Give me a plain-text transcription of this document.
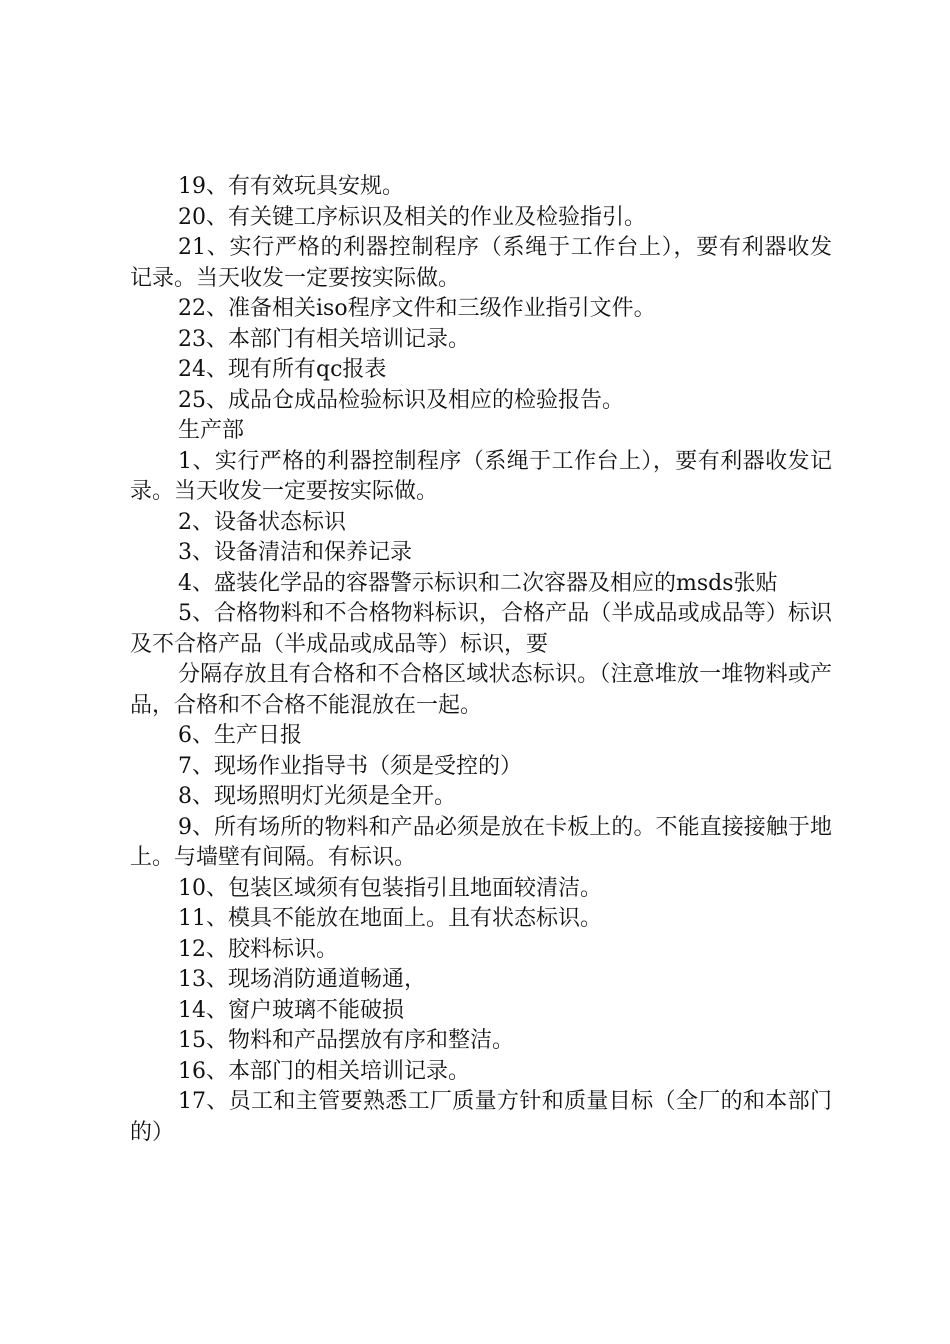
19、有有效玩具安规。

20、有关键工序标识及相关的作业及检验指引。

21、实行严格的利器控制程序（系绳于工作台上），要有利器收发记录。当天收发一定要按实际做。

22、准备相关iso程序文件和三级作业指引文件。

23、本部门有相关培训记录。

24、现有所有qc报表

25、成品仓成品检验标识及相应的检验报告。

生产部

1、实行严格的利器控制程序（系绳于工作台上），要有利器收发记录。当天收发一定要按实际做。

2、设备状态标识

3、设备清洁和保养记录

4、盛装化学品的容器警示标识和二次容器及相应的msds张贴

5、合格物料和不合格物料标识，合格产品（半成品或成品等）标识及不合格产品（半成品或成品等）标识，要

分隔存放且有合格和不合格区域状态标识。（注意堆放一堆物料或产品，合格和不合格不能混放在一起。

6、生产日报

7、现场作业指导书（须是受控的）

8、现场照明灯光须是全开。

9、所有场所的物料和产品必须是放在卡板上的。不能直接接触于地上。与墙壁有间隔。有标识。

10、包装区域须有包装指引且地面较清洁。

11、模具不能放在地面上。且有状态标识。

12、胶料标识。

13、现场消防通道畅通，

14、窗户玻璃不能破损

15、物料和产品摆放有序和整洁。

16、本部门的相关培训记录。

17、员工和主管要熟悉工厂质量方针和质量目标（全厂的和本部门的）
